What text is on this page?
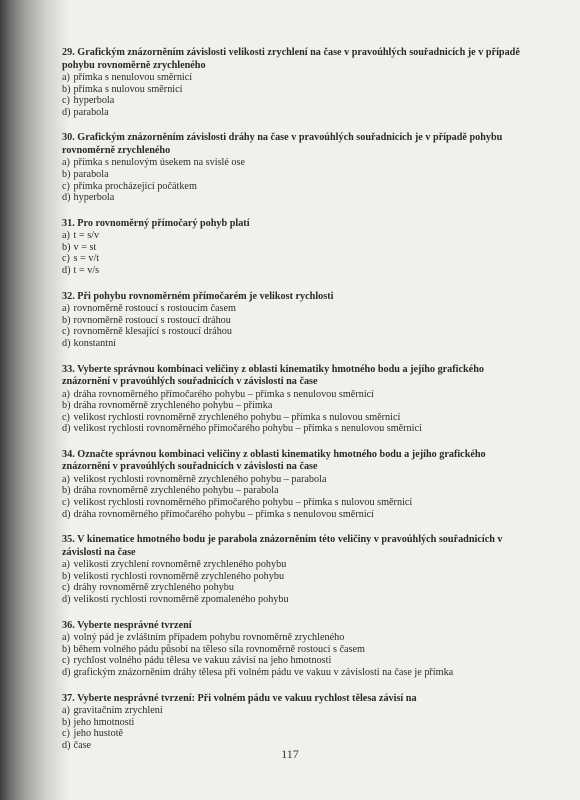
29. Grafickým znázorněním závislosti velikosti zrychlení na čase v pravoúhlých souřadnicích je v případě pohybu rovnoměrně zrychleného
a) přímka s nenulovou směrnicí
b) přímka s nulovou směrnicí
c) hyperbola
d) parabola
30. Grafickým znázorněním závislosti dráhy na čase v pravoúhlých souřadnicích je v případě pohybu rovnoměrně zrychleného
a) přímka s nenulovým úsekem na svislé ose
b) parabola
c) přímka procházející počátkem
d) hyperbola
31. Pro rovnoměrný přímočarý pohyb platí
a) t = s/v
b) v = st
c) s = v/t
d) t = v/s
32. Při pohybu rovnoměrném přímočarém je velikost rychlosti
a) rovnoměrně rostoucí s rostoucím časem
b) rovnoměrně rostoucí s rostoucí dráhou
c) rovnoměrně klesající s rostoucí dráhou
d) konstantní
33. Vyberte správnou kombinaci veličiny z oblasti kinematiky hmotného bodu a jejího grafického znázornění v pravoúhlých souřadnicích v závislosti na čase
a) dráha rovnoměrného přímočarého pohybu – přímka s nenulovou směrnicí
b) dráha rovnoměrně zrychleného pohybu – přímka
c) velikost rychlosti rovnoměrně zrychleného pohybu – přímka s nulovou směrnicí
d) velikost rychlosti rovnoměrného přímočarého pohybu – přímka s nenulovou směrnicí
34. Označte správnou kombinaci veličiny z oblasti kinematiky hmotného bodu a jejího grafického znázornění v pravoúhlých souřadnicích v závislosti na čase
a) velikost rychlosti rovnoměrně zrychleného pohybu – parabola
b) dráha rovnoměrně zrychleného pohybu – parabola
c) velikost rychlosti rovnoměrného přímočarého pohybu – přímka s nulovou směrnicí
d) dráha rovnoměrného přímočarého pohybu – přímka s nenulovou směrnicí
35. V kinematice hmotného bodu je parabola znázorněním této veličiny v pravoúhlých souřadnicích v závislosti na čase
a) velikosti zrychlení rovnoměrně zrychleného pohybu
b) velikosti rychlosti rovnoměrně zrychleného pohybu
c) dráhy rovnoměrně zrychleného pohybu
d) velikosti rychlosti rovnoměrně zpomaleného pohybu
36. Vyberte nesprávné tvrzení
a) volný pád je zvláštním případem pohybu rovnoměrně zrychleného
b) během volného pádu působí na těleso síla rovnoměrně rostoucí s časem
c) rychlost volného pádu tělesa ve vakuu závisí na jeho hmotnosti
d) grafickým znázorněním dráhy tělesa při volném pádu ve vakuu v závislosti na čase je přímka
37. Vyberte nesprávné tvrzení: Při volném pádu ve vakuu rychlost tělesa závisí na
a) gravitačním zrychlení
b) jeho hmotnosti
c) jeho hustotě
d) čase
117
